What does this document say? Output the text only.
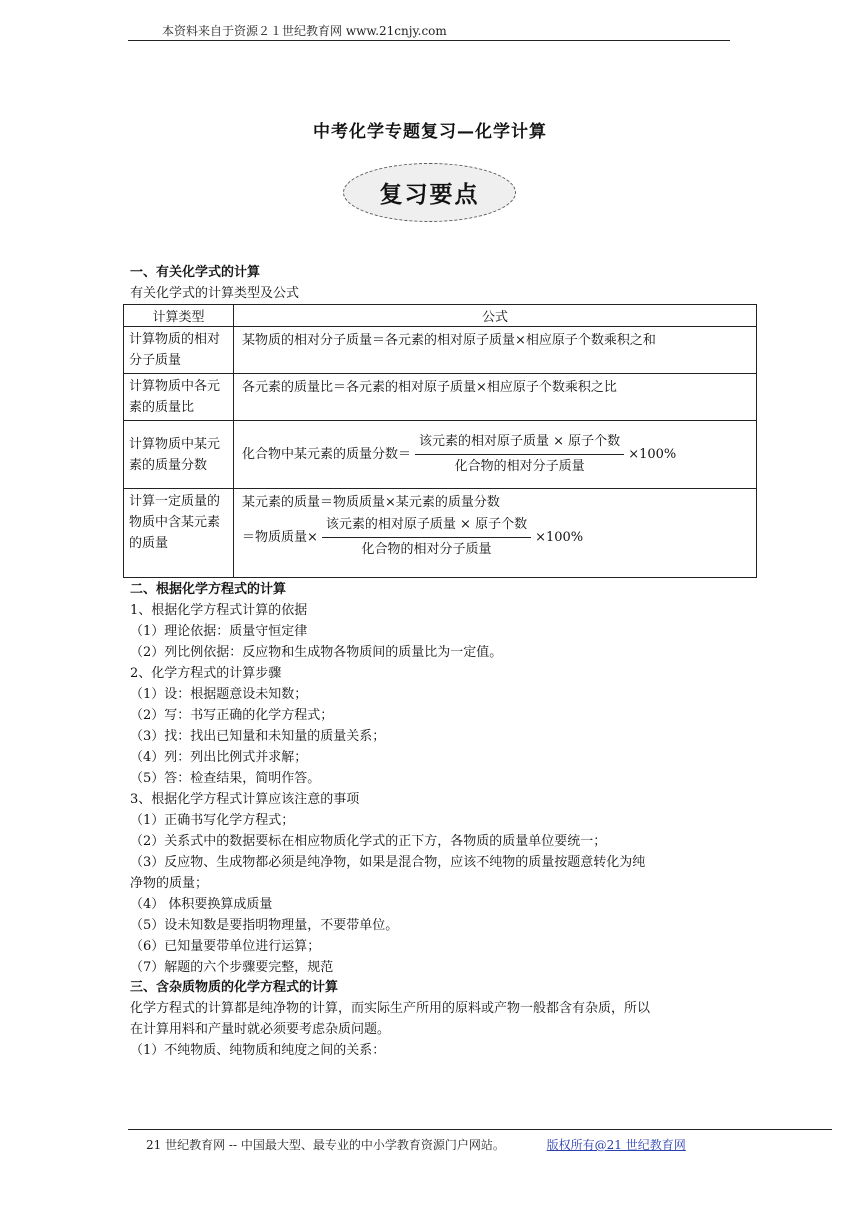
本资料来自于资源２１世纪教育网 www.21cnjy.com
中考化学专题复习—化学计算
复习要点
一、有关化学式的计算
有关化学式的计算类型及公式
计算类型	公式
计算物质的相对分子质量	某物质的相对分子质量＝各元素的相对原子质量×相应原子个数乘积之和
计算物质中各元素的质量比	各元素的质量比＝各元素的相对原子质量×相应原子个数乘积之比
计算物质中某元素的质量分数	化合物中某元素的质量分数＝ $\frac{\text{该元素的相对原子质量 × 原子个数}}{\text{化合物的相对分子质量}} \times 100\%$

计算一定质量的物质中含某元素的质量	某元素的质量＝物质质量×某元素的质量分数
＝物质质量× $\frac{\text{该元素的相对原子质量 × 原子个数}}{\text{化合物的相对分子质量}} \times 100\%$
二、根据化学方程式的计算
1、根据化学方程式计算的依据
（1）理论依据：质量守恒定律
（2）列比例依据：反应物和生成物各物质间的质量比为一定值。
2、化学方程式的计算步骤
（1）设：根据题意设未知数；
（2）写：书写正确的化学方程式；
（3）找：找出已知量和未知量的质量关系；
（4）列：列出比例式并求解；
（5）答：检查结果，简明作答。
3、根据化学方程式计算应该注意的事项
（1）正确书写化学方程式；
（2）关系式中的数据要标在相应物质化学式的正下方，各物质的质量单位要统一；
（3）反应物、生成物都必须是纯净物，如果是混合物，应该不纯物的质量按题意转化为纯
净物的质量；
（4） 体积要换算成质量
（5）设未知数是要指明物理量，不要带单位。
（6）已知量要带单位进行运算；
（7）解题的六个步骤要完整，规范
三、含杂质物质的化学方程式的计算
化学方程式的计算都是纯净物的计算，而实际生产所用的原料或产物一般都含有杂质，所以
在计算用料和产量时就必须要考虑杂质问题。
（1）不纯物质、纯物质和纯度之间的关系：
21 世纪教育网 -- 中国最大型、最专业的中小学教育资源门户网站。	版权所有@21 世纪教育网
